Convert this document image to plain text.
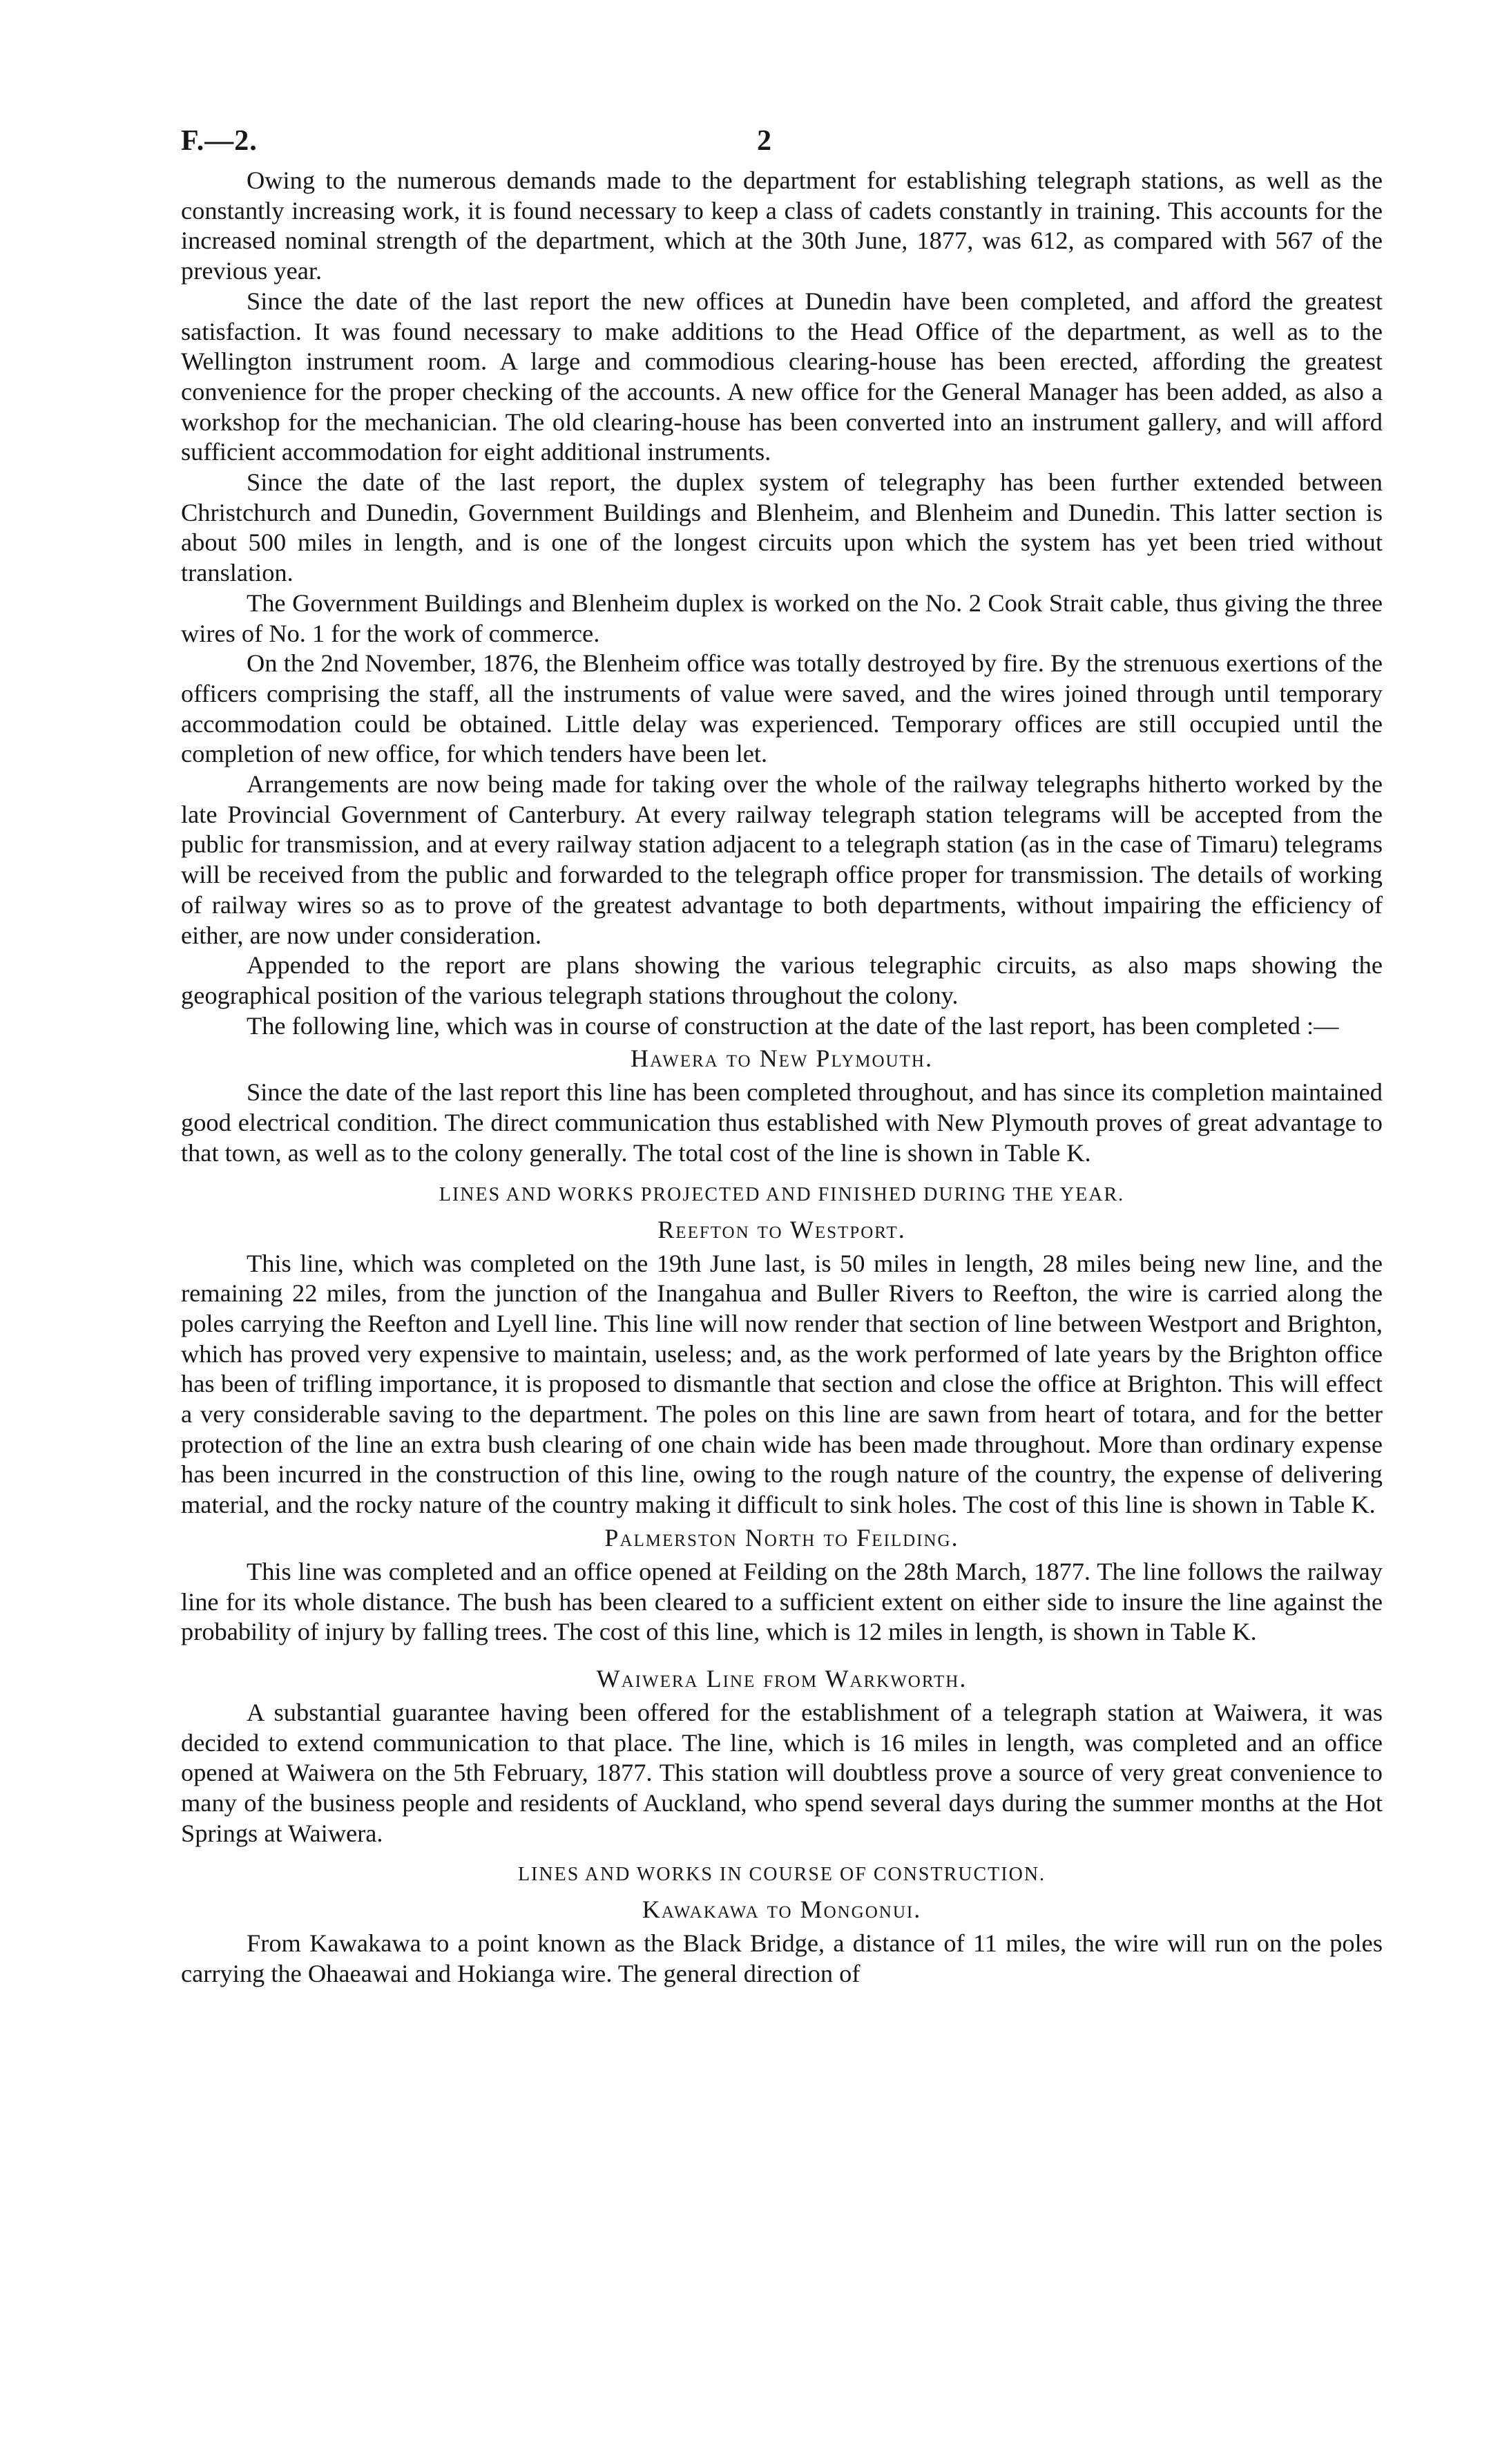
F.—2.	2

Owing to the numerous demands made to the department for establishing telegraph stations, as well as the constantly increasing work, it is found necessary to keep a class of cadets constantly in training. This accounts for the increased nominal strength of the department, which at the 30th June, 1877, was 612, as compared with 567 of the previous year.

Since the date of the last report the new offices at Dunedin have been completed, and afford the greatest satisfaction. It was found necessary to make additions to the Head Office of the department, as well as to the Wellington instrument room. A large and commodious clearing-house has been erected, affording the greatest convenience for the proper checking of the accounts. A new office for the General Manager has been added, as also a workshop for the mechanician. The old clearing-house has been converted into an instrument gallery, and will afford sufficient accommodation for eight additional instruments.

Since the date of the last report, the duplex system of telegraphy has been further extended between Christchurch and Dunedin, Government Buildings and Blenheim, and Blenheim and Dunedin. This latter section is about 500 miles in length, and is one of the longest circuits upon which the system has yet been tried without translation.

The Government Buildings and Blenheim duplex is worked on the No. 2 Cook Strait cable, thus giving the three wires of No. 1 for the work of commerce.

On the 2nd November, 1876, the Blenheim office was totally destroyed by fire. By the strenuous exertions of the officers comprising the staff, all the instruments of value were saved, and the wires joined through until temporary accommodation could be obtained. Little delay was experienced. Temporary offices are still occupied until the completion of new office, for which tenders have been let.

Arrangements are now being made for taking over the whole of the railway telegraphs hitherto worked by the late Provincial Government of Canterbury. At every railway telegraph station telegrams will be accepted from the public for transmission, and at every railway station adjacent to a telegraph station (as in the case of Timaru) telegrams will be received from the public and forwarded to the telegraph office proper for transmission. The details of working of railway wires so as to prove of the greatest advantage to both departments, without impairing the efficiency of either, are now under consideration.

Appended to the report are plans showing the various telegraphic circuits, as also maps showing the geographical position of the various telegraph stations throughout the colony.

The following line, which was in course of construction at the date of the last report, has been completed :—

Hawera to New Plymouth.

Since the date of the last report this line has been completed throughout, and has since its completion maintained good electrical condition. The direct communication thus established with New Plymouth proves of great advantage to that town, as well as to the colony generally. The total cost of the line is shown in Table K.

LINES AND WORKS PROJECTED AND FINISHED DURING THE YEAR.
Reefton to Westport.

This line, which was completed on the 19th June last, is 50 miles in length, 28 miles being new line, and the remaining 22 miles, from the junction of the Inangahua and Buller Rivers to Reefton, the wire is carried along the poles carrying the Reefton and Lyell line. This line will now render that section of line between Westport and Brighton, which has proved very expensive to maintain, useless; and, as the work performed of late years by the Brighton office has been of trifling importance, it is proposed to dismantle that section and close the office at Brighton. This will effect a very considerable saving to the department. The poles on this line are sawn from heart of totara, and for the better protection of the line an extra bush clearing of one chain wide has been made throughout. More than ordinary expense has been incurred in the construction of this line, owing to the rough nature of the country, the expense of delivering material, and the rocky nature of the country making it difficult to sink holes. The cost of this line is shown in Table K.

Palmerston North to Feilding.

This line was completed and an office opened at Feilding on the 28th March, 1877. The line follows the railway line for its whole distance. The bush has been cleared to a sufficient extent on either side to insure the line against the probability of injury by falling trees. The cost of this line, which is 12 miles in length, is shown in Table K.

Waiwera Line from Warkworth.

A substantial guarantee having been offered for the establishment of a telegraph station at Waiwera, it was decided to extend communication to that place. The line, which is 16 miles in length, was completed and an office opened at Waiwera on the 5th February, 1877. This station will doubtless prove a source of very great convenience to many of the business people and residents of Auckland, who spend several days during the summer months at the Hot Springs at Waiwera.

LINES AND WORKS IN COURSE OF CONSTRUCTION.
Kawakawa to Mongonui.

From Kawakawa to a point known as the Black Bridge, a distance of 11 miles, the wire will run on the poles carrying the Ohaeawai and Hokianga wire. The general direction of
